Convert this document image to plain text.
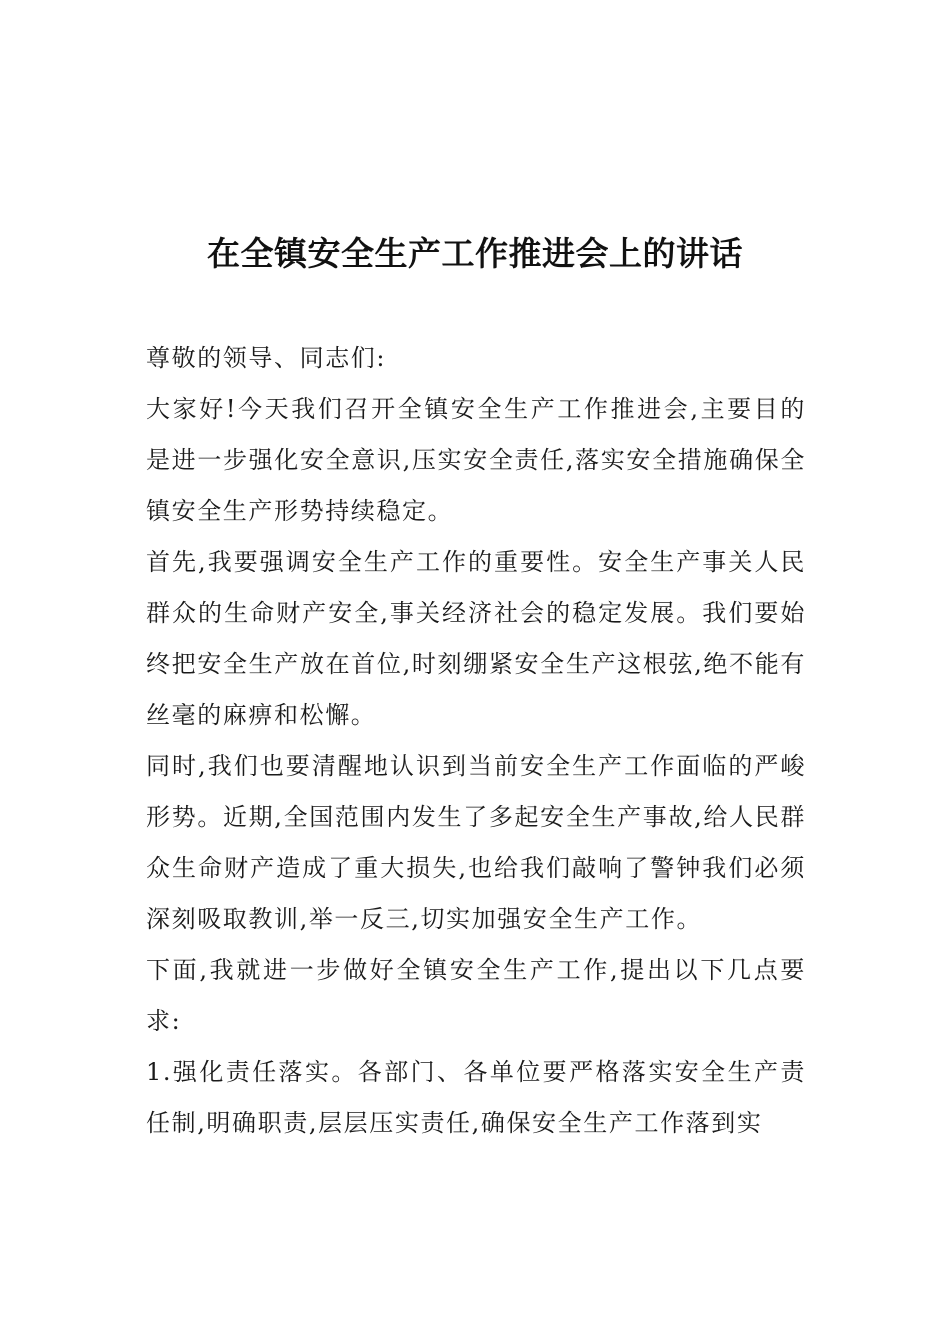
在全镇安全生产工作推进会上的讲话

尊敬的领导、同志们:

大家好!今天我们召开全镇安全生产工作推进会,主要目的是进一步强化安全意识,压实安全责任,落实安全措施确保全镇安全生产形势持续稳定。

首先,我要强调安全生产工作的重要性。安全生产事关人民群众的生命财产安全,事关经济社会的稳定发展。我们要始终把安全生产放在首位,时刻绷紧安全生产这根弦,绝不能有丝毫的麻痹和松懈。

同时,我们也要清醒地认识到当前安全生产工作面临的严峻形势。近期,全国范围内发生了多起安全生产事故,给人民群众生命财产造成了重大损失,也给我们敲响了警钟我们必须深刻吸取教训,举一反三,切实加强安全生产工作。

下面,我就进一步做好全镇安全生产工作,提出以下几点要求:

1.强化责任落实。各部门、各单位要严格落实安全生产责任制,明确职责,层层压实责任,确保安全生产工作落到实
